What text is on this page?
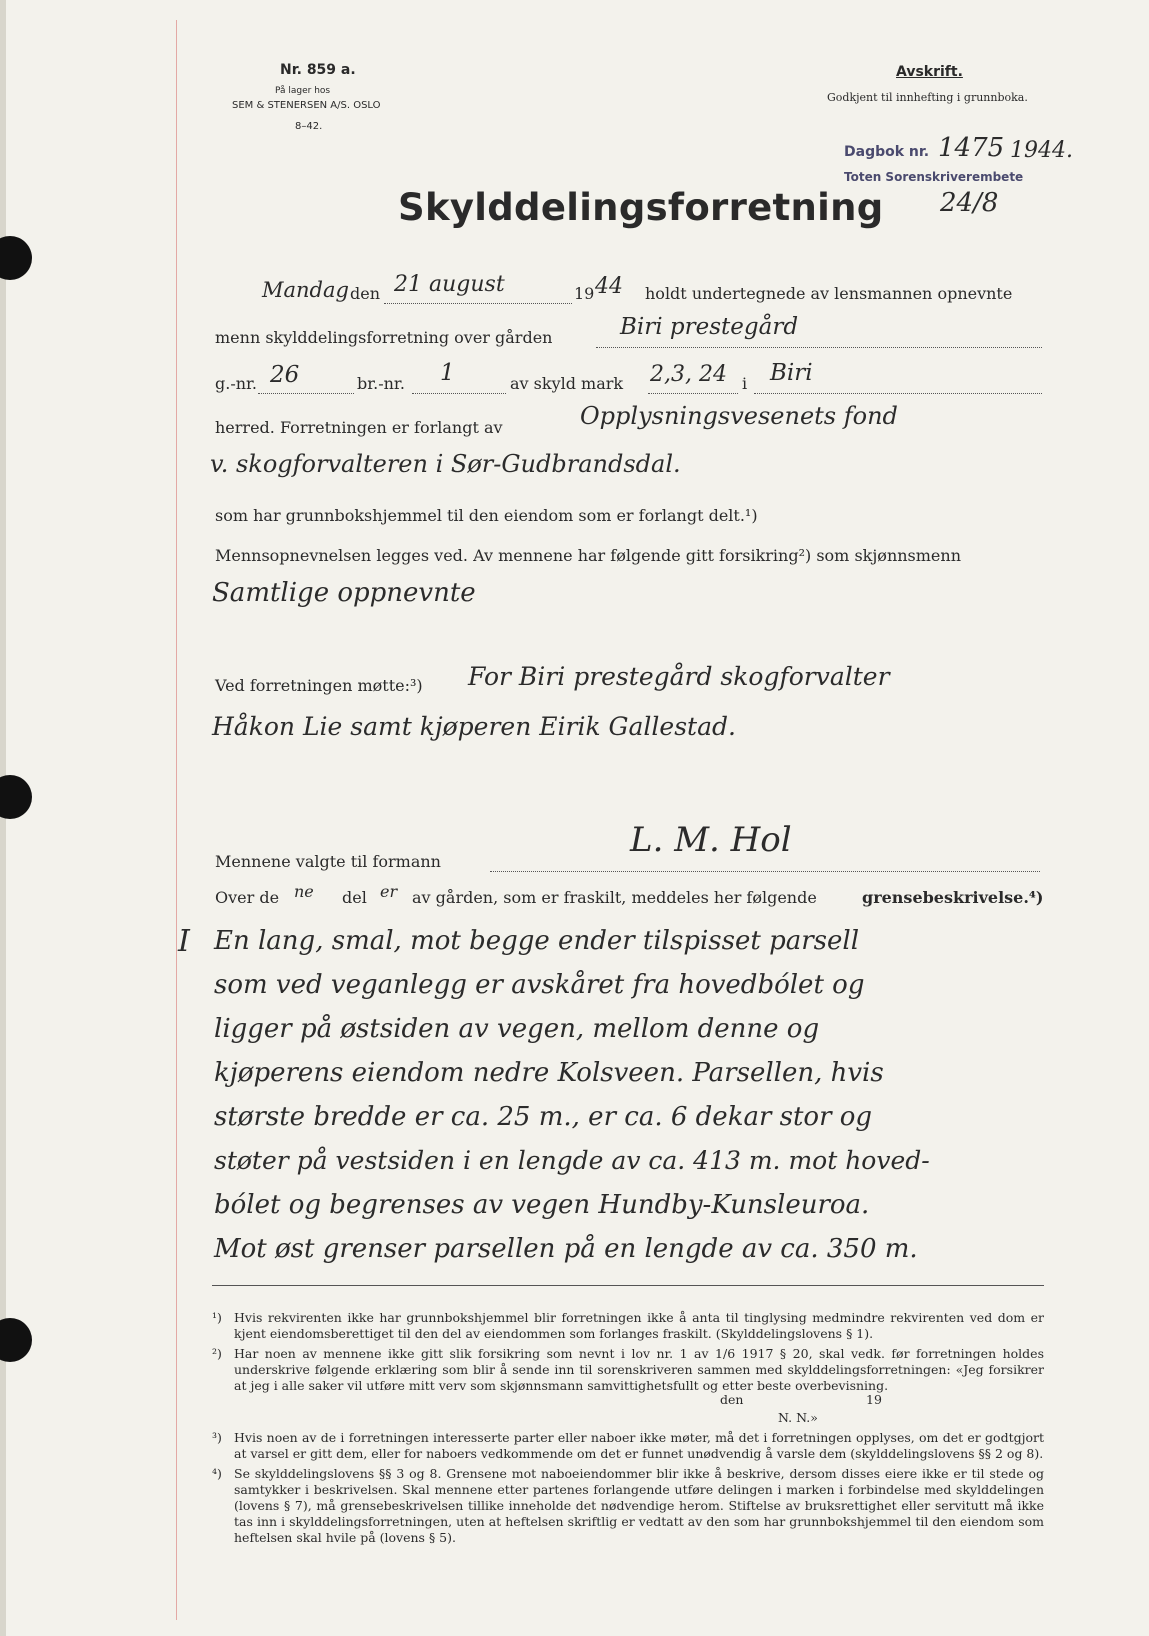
Nr. 859 a.
På lager hos
SEM & STENERSEN A/S. OSLO
8–42.
Avskrift.
Godkjent til innhefting i grunnboka.
Dagbok nr. 1475 1944.
Toten Sorenskriverembete
24/8
Skylddelingsforretning
Mandag den 21 august	19 44 holdt undertegnede av lensmannen opnevnte
menn skylddelingsforretning over gården	Biri prestegård
g.-nr. 26	br.-nr. 1	av skyld mark 2,3, 24 i Biri
herred. Forretningen er forlangt av	Opplysningsvesenets fond
v. skogforvalteren i Sør-Gudbrandsdal.
som har grunnbokshjemmel til den eiendom som er forlangt delt.¹)
Mennsopnevnelsen legges ved. Av mennene har følgende gitt forsikring²) som skjønnsmenn
Samtlige oppnevnte
Ved forretningen møtte:³) For Biri prestegård skogforvalter
Håkon Lie samt kjøperen Eirik Gallestad.
Mennene valgte til formann
L. M. Hol
Over de ne del er av gården, som er fraskilt, meddeles her følgende	grensebeskrivelse.⁴)
I En lang, smal, mot begge ender tilspisset parsell
som ved veganlegg er avskåret fra hovedbólet og
ligger på østsiden av vegen, mellom denne og
kjøperens eiendom nedre Kolsveen. Parsellen, hvis
største bredde er ca. 25 m., er ca. 6 dekar stor og
støter på vestsiden i en lengde av ca. 413 m. mot hoved-
bólet og begrenses av vegen Hundby-Kunsleuroa.
Mot øst grenser parsellen på en lengde av ca. 350 m.
¹) Hvis rekvirenten ikke har grunnbokshjemmel blir forretningen ikke å anta til tinglysing medmindre rekvirenten ved dom er kjent eiendomsberettiget til den del av eiendommen som forlanges fraskilt. (Skylddelingslovens § 1).
²) Har noen av mennene ikke gitt slik forsikring som nevnt i lov nr. 1 av 1/6 1917 § 20, skal vedk. før forretningen holdes underskrive følgende erklæring som blir å sende inn til sorenskriveren sammen med skylddelingsforretningen: «Jeg forsikrer at jeg i alle saker vil utføre mitt verv som skjønnsmann samvittighetsfullt og etter beste overbevisning.
³) Hvis noen av de i forretningen interesserte parter eller naboer ikke møter, må det i forretningen opplyses, om det er godtgjort at varsel er gitt dem, eller for naboers vedkommende om det er funnet unødvendig å varsle dem (skylddelingslovens §§ 2 og 8).
⁴) Se skylddelingslovens §§ 3 og 8. Grensene mot naboeiendommer blir ikke å beskrive, dersom disses eiere ikke er til stede og samtykker i beskrivelsen. Skal mennene etter partenes forlangende utføre delingen i marken i forbindelse med skylddelingen (lovens § 7), må grensebeskrivelsen tillike inneholde det nødvendige herom. Stiftelse av bruksrettighet eller servitutt må ikke tas inn i skylddelingsforretningen, uten at heftelsen skriftlig er vedtatt av den som har grunnbokshjemmel til den eiendom som heftelsen skal hvile på (lovens § 5).
den	19
N. N.»
